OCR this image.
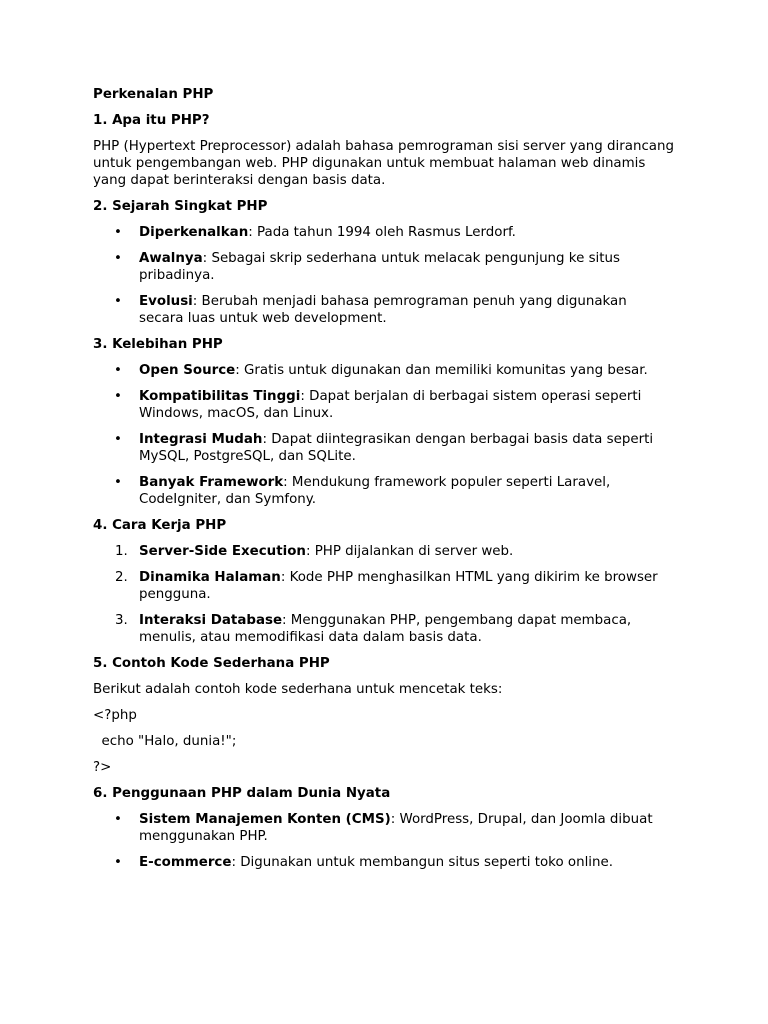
Perkenalan PHP

1. Apa itu PHP?

PHP (Hypertext Preprocessor) adalah bahasa pemrograman sisi server yang dirancang untuk pengembangan web. PHP digunakan untuk membuat halaman web dinamis yang dapat berinteraksi dengan basis data.

2. Sejarah Singkat PHP

• Diperkenalkan: Pada tahun 1994 oleh Rasmus Lerdorf.
• Awalnya: Sebagai skrip sederhana untuk melacak pengunjung ke situs pribadinya.
• Evolusi: Berubah menjadi bahasa pemrograman penuh yang digunakan secara luas untuk web development.

3. Kelebihan PHP

• Open Source: Gratis untuk digunakan dan memiliki komunitas yang besar.
• Kompatibilitas Tinggi: Dapat berjalan di berbagai sistem operasi seperti Windows, macOS, dan Linux.
• Integrasi Mudah: Dapat diintegrasikan dengan berbagai basis data seperti MySQL, PostgreSQL, dan SQLite.
• Banyak Framework: Mendukung framework populer seperti Laravel, CodeIgniter, dan Symfony.

4. Cara Kerja PHP

1. Server-Side Execution: PHP dijalankan di server web.
2. Dinamika Halaman: Kode PHP menghasilkan HTML yang dikirim ke browser pengguna.
3. Interaksi Database: Menggunakan PHP, pengembang dapat membaca, menulis, atau memodifikasi data dalam basis data.

5. Contoh Kode Sederhana PHP

Berikut adalah contoh kode sederhana untuk mencetak teks:

<?php

echo "Halo, dunia!";

?>

6. Penggunaan PHP dalam Dunia Nyata

• Sistem Manajemen Konten (CMS): WordPress, Drupal, dan Joomla dibuat menggunakan PHP.
• E-commerce: Digunakan untuk membangun situs seperti toko online.
